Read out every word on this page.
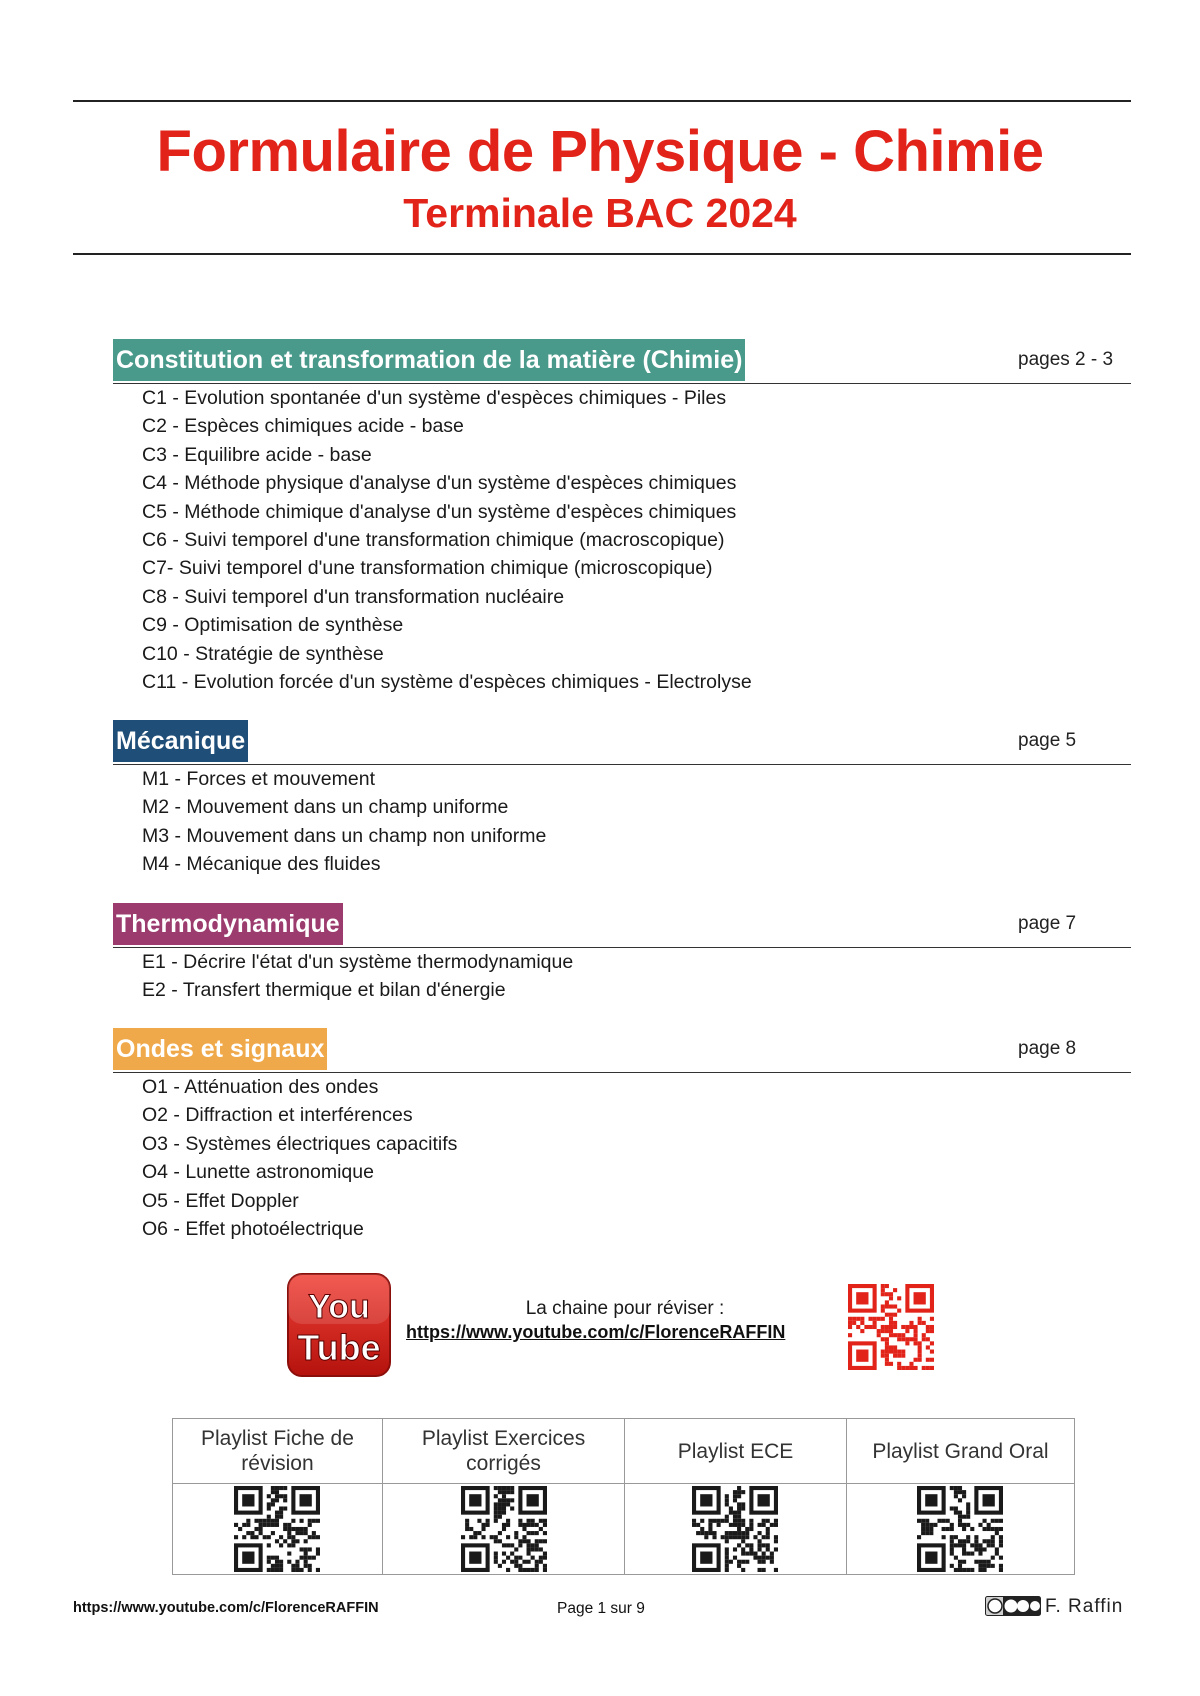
Formulaire de Physique - Chimie
Terminale BAC 2024
Constitution et transformation de la matière (Chimie)	pages 2 - 3
C1 - Evolution spontanée d'un système d'espèces chimiques - Piles
C2 - Espèces chimiques acide - base
C3 - Equilibre acide - base
C4 - Méthode physique d'analyse d'un système d'espèces chimiques
C5 - Méthode chimique d'analyse d'un système d'espèces chimiques
C6 - Suivi temporel d'une transformation chimique (macroscopique)
C7- Suivi temporel d'une transformation chimique (microscopique)
C8 - Suivi temporel d'un transformation nucléaire
C9 - Optimisation de synthèse
C10 - Stratégie de synthèse
C11 - Evolution forcée d'un système d'espèces chimiques - Electrolyse
Mécanique	page 5
M1 - Forces et mouvement
M2 - Mouvement dans un champ uniforme
M3 - Mouvement dans un champ non uniforme
M4 - Mécanique des fluides
Thermodynamique	page 7
E1 - Décrire l'état d'un système thermodynamique
E2 - Transfert thermique et bilan d'énergie
Ondes et signaux	page 8
O1 - Atténuation des ondes
O2 - Diffraction et interférences
O3 - Systèmes électriques capacitifs
O4 - Lunette astronomique
O5 - Effet Doppler
O6 - Effet photoélectrique
You
Tube
La chaine pour réviser :
https://www.youtube.com/c/FlorenceRAFFIN
Playlist Fiche de révision	Playlist Exercices corrigés	Playlist ECE	Playlist Grand Oral

https://www.youtube.com/c/FlorenceRAFFIN	Page 1 sur 9	F. Raffin
